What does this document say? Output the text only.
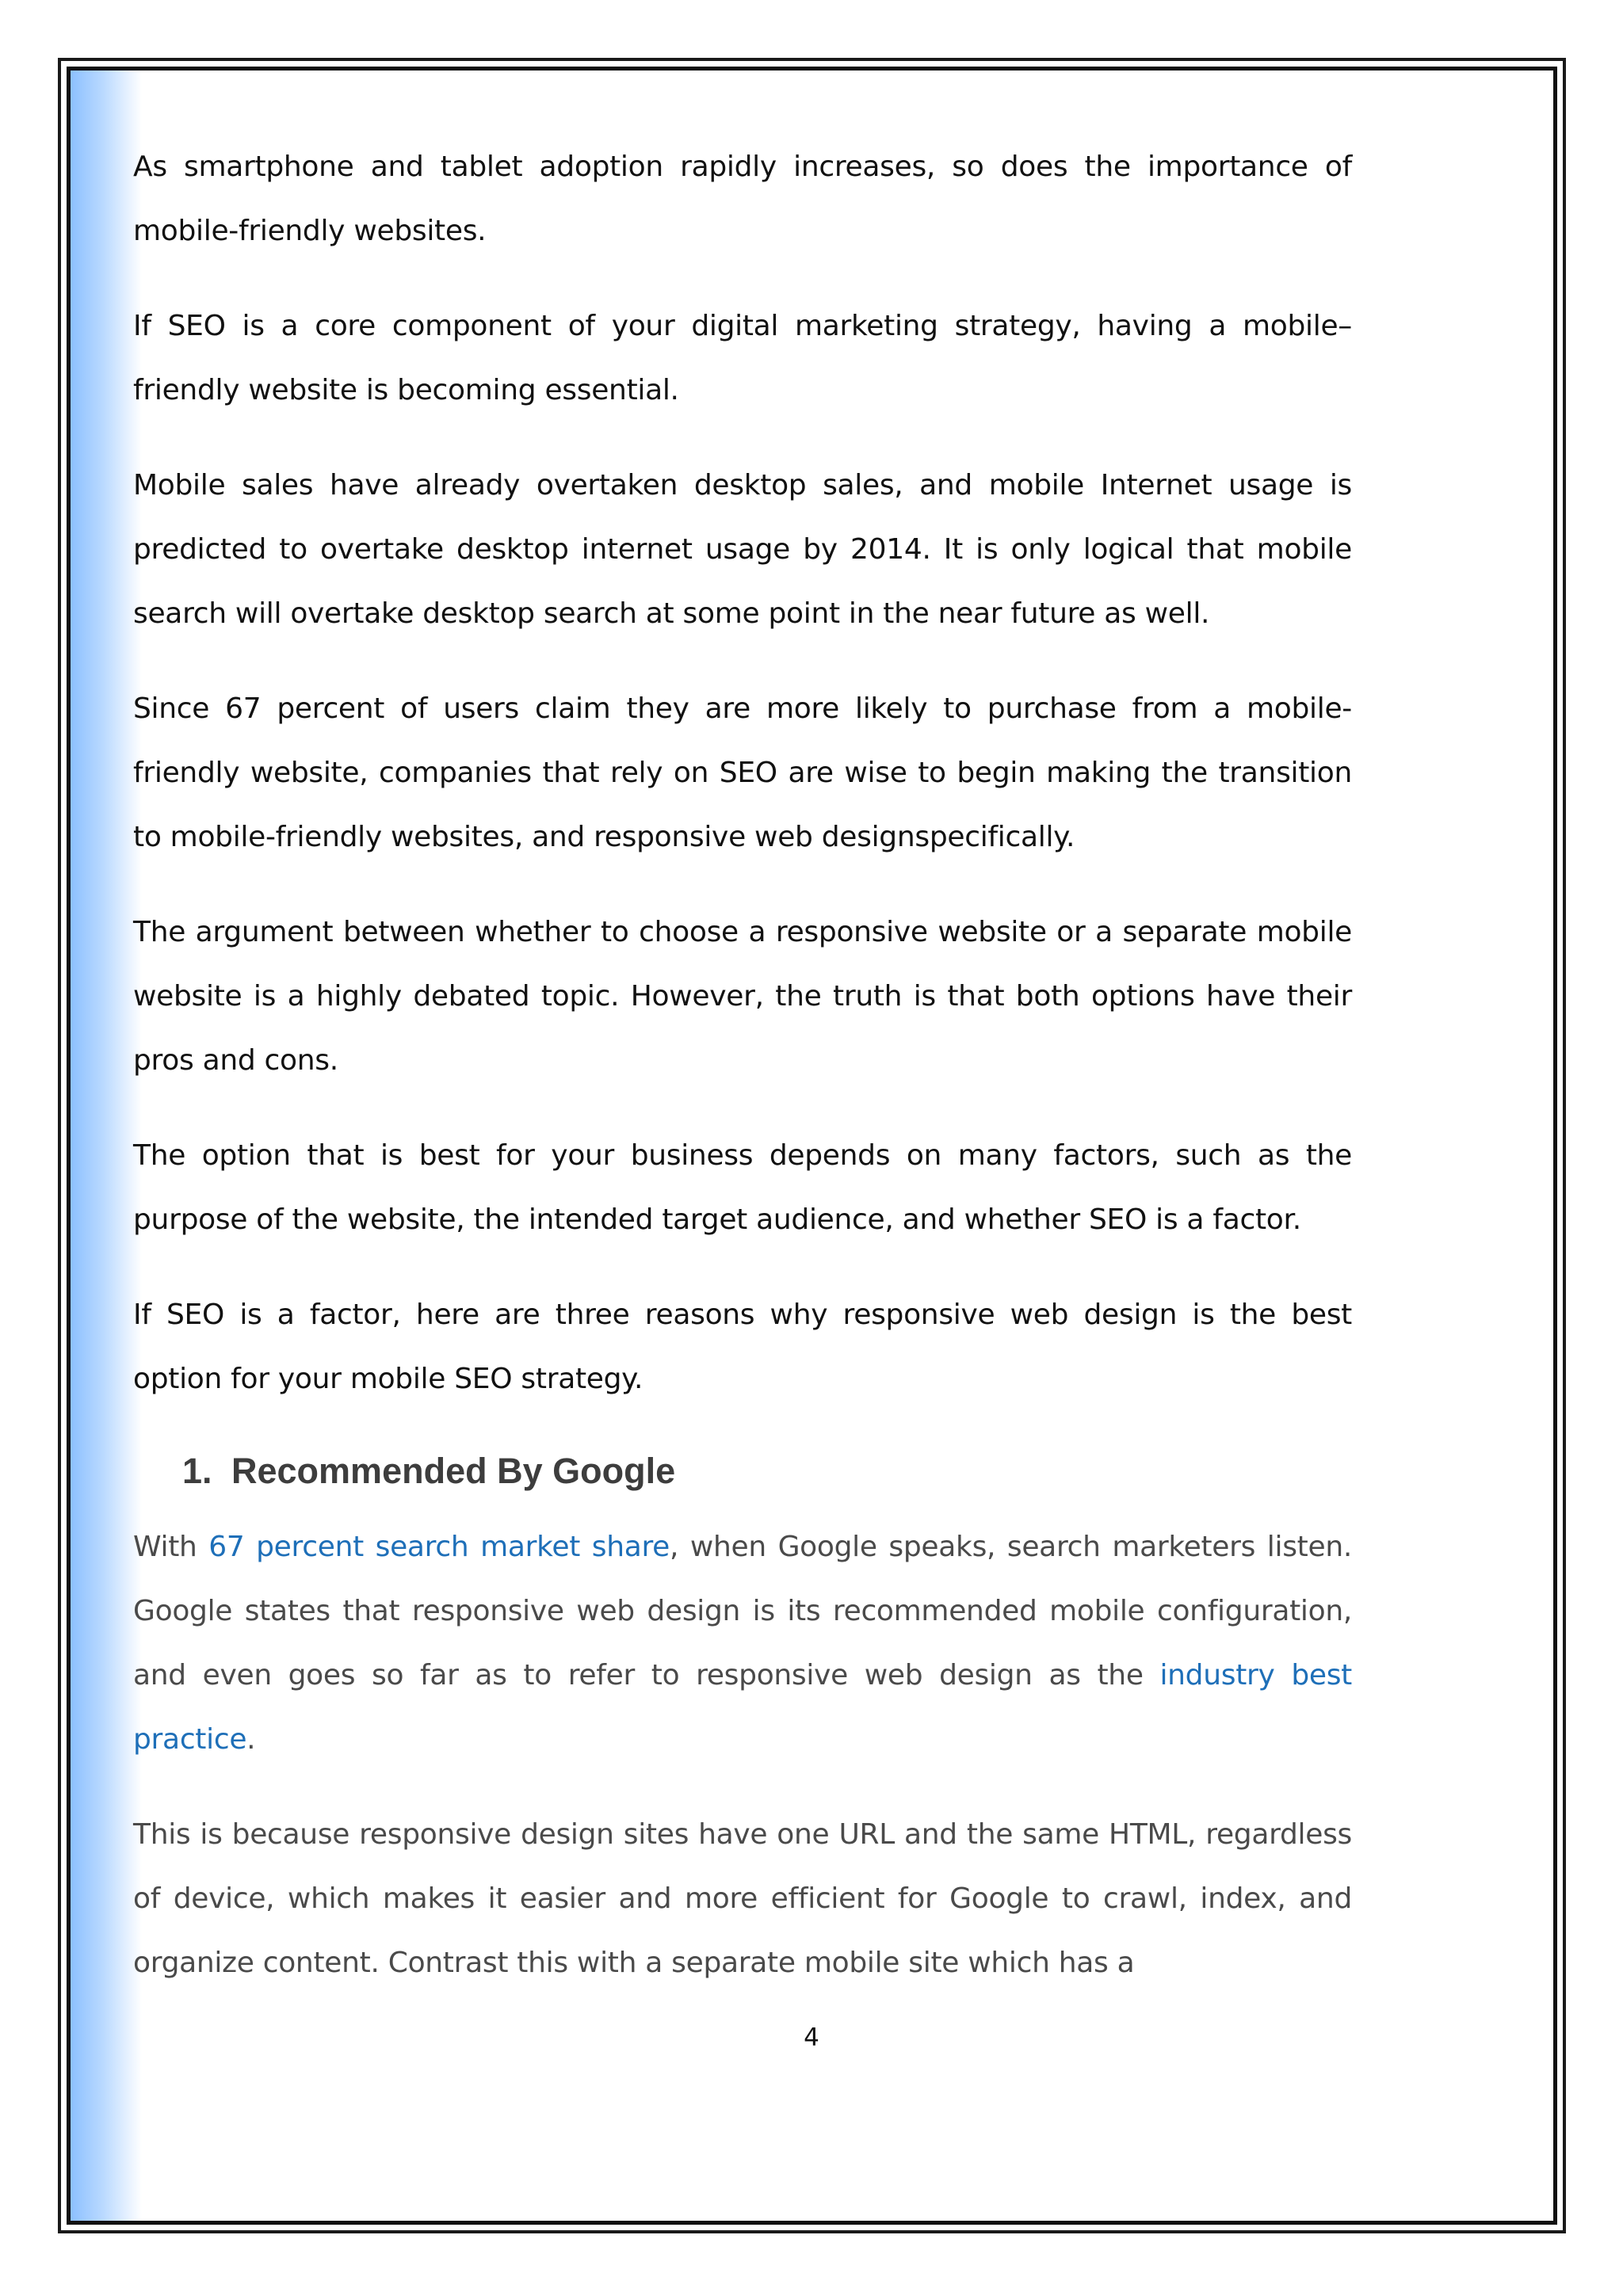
As smartphone and tablet adoption rapidly increases, so does the importance of mobile-friendly websites.

If SEO is a core component of your digital marketing strategy, having a mobile–friendly website is becoming essential.

Mobile sales have already overtaken desktop sales, and mobile Internet usage is predicted to overtake desktop internet usage by 2014. It is only logical that mobile search will overtake desktop search at some point in the near future as well.

Since 67 percent of users claim they are more likely to purchase from a mobile-friendly website, companies that rely on SEO are wise to begin making the transition to mobile-friendly websites, and responsive web designspecifically.

The argument between whether to choose a responsive website or a separate mobile website is a highly debated topic. However, the truth is that both options have their pros and cons.

The option that is best for your business depends on many factors, such as the purpose of the website, the intended target audience, and whether SEO is a factor.

If SEO is a factor, here are three reasons why responsive web design is the best option for your mobile SEO strategy.

1. Recommended By Google

With 67 percent search market share, when Google speaks, search marketers listen. Google states that responsive web design is its recommended mobile configuration, and even goes so far as to refer to responsive web design as the industry best practice.

This is because responsive design sites have one URL and the same HTML, regardless of device, which makes it easier and more efficient for Google to crawl, index, and organize content. Contrast this with a separate mobile site which has a

4
